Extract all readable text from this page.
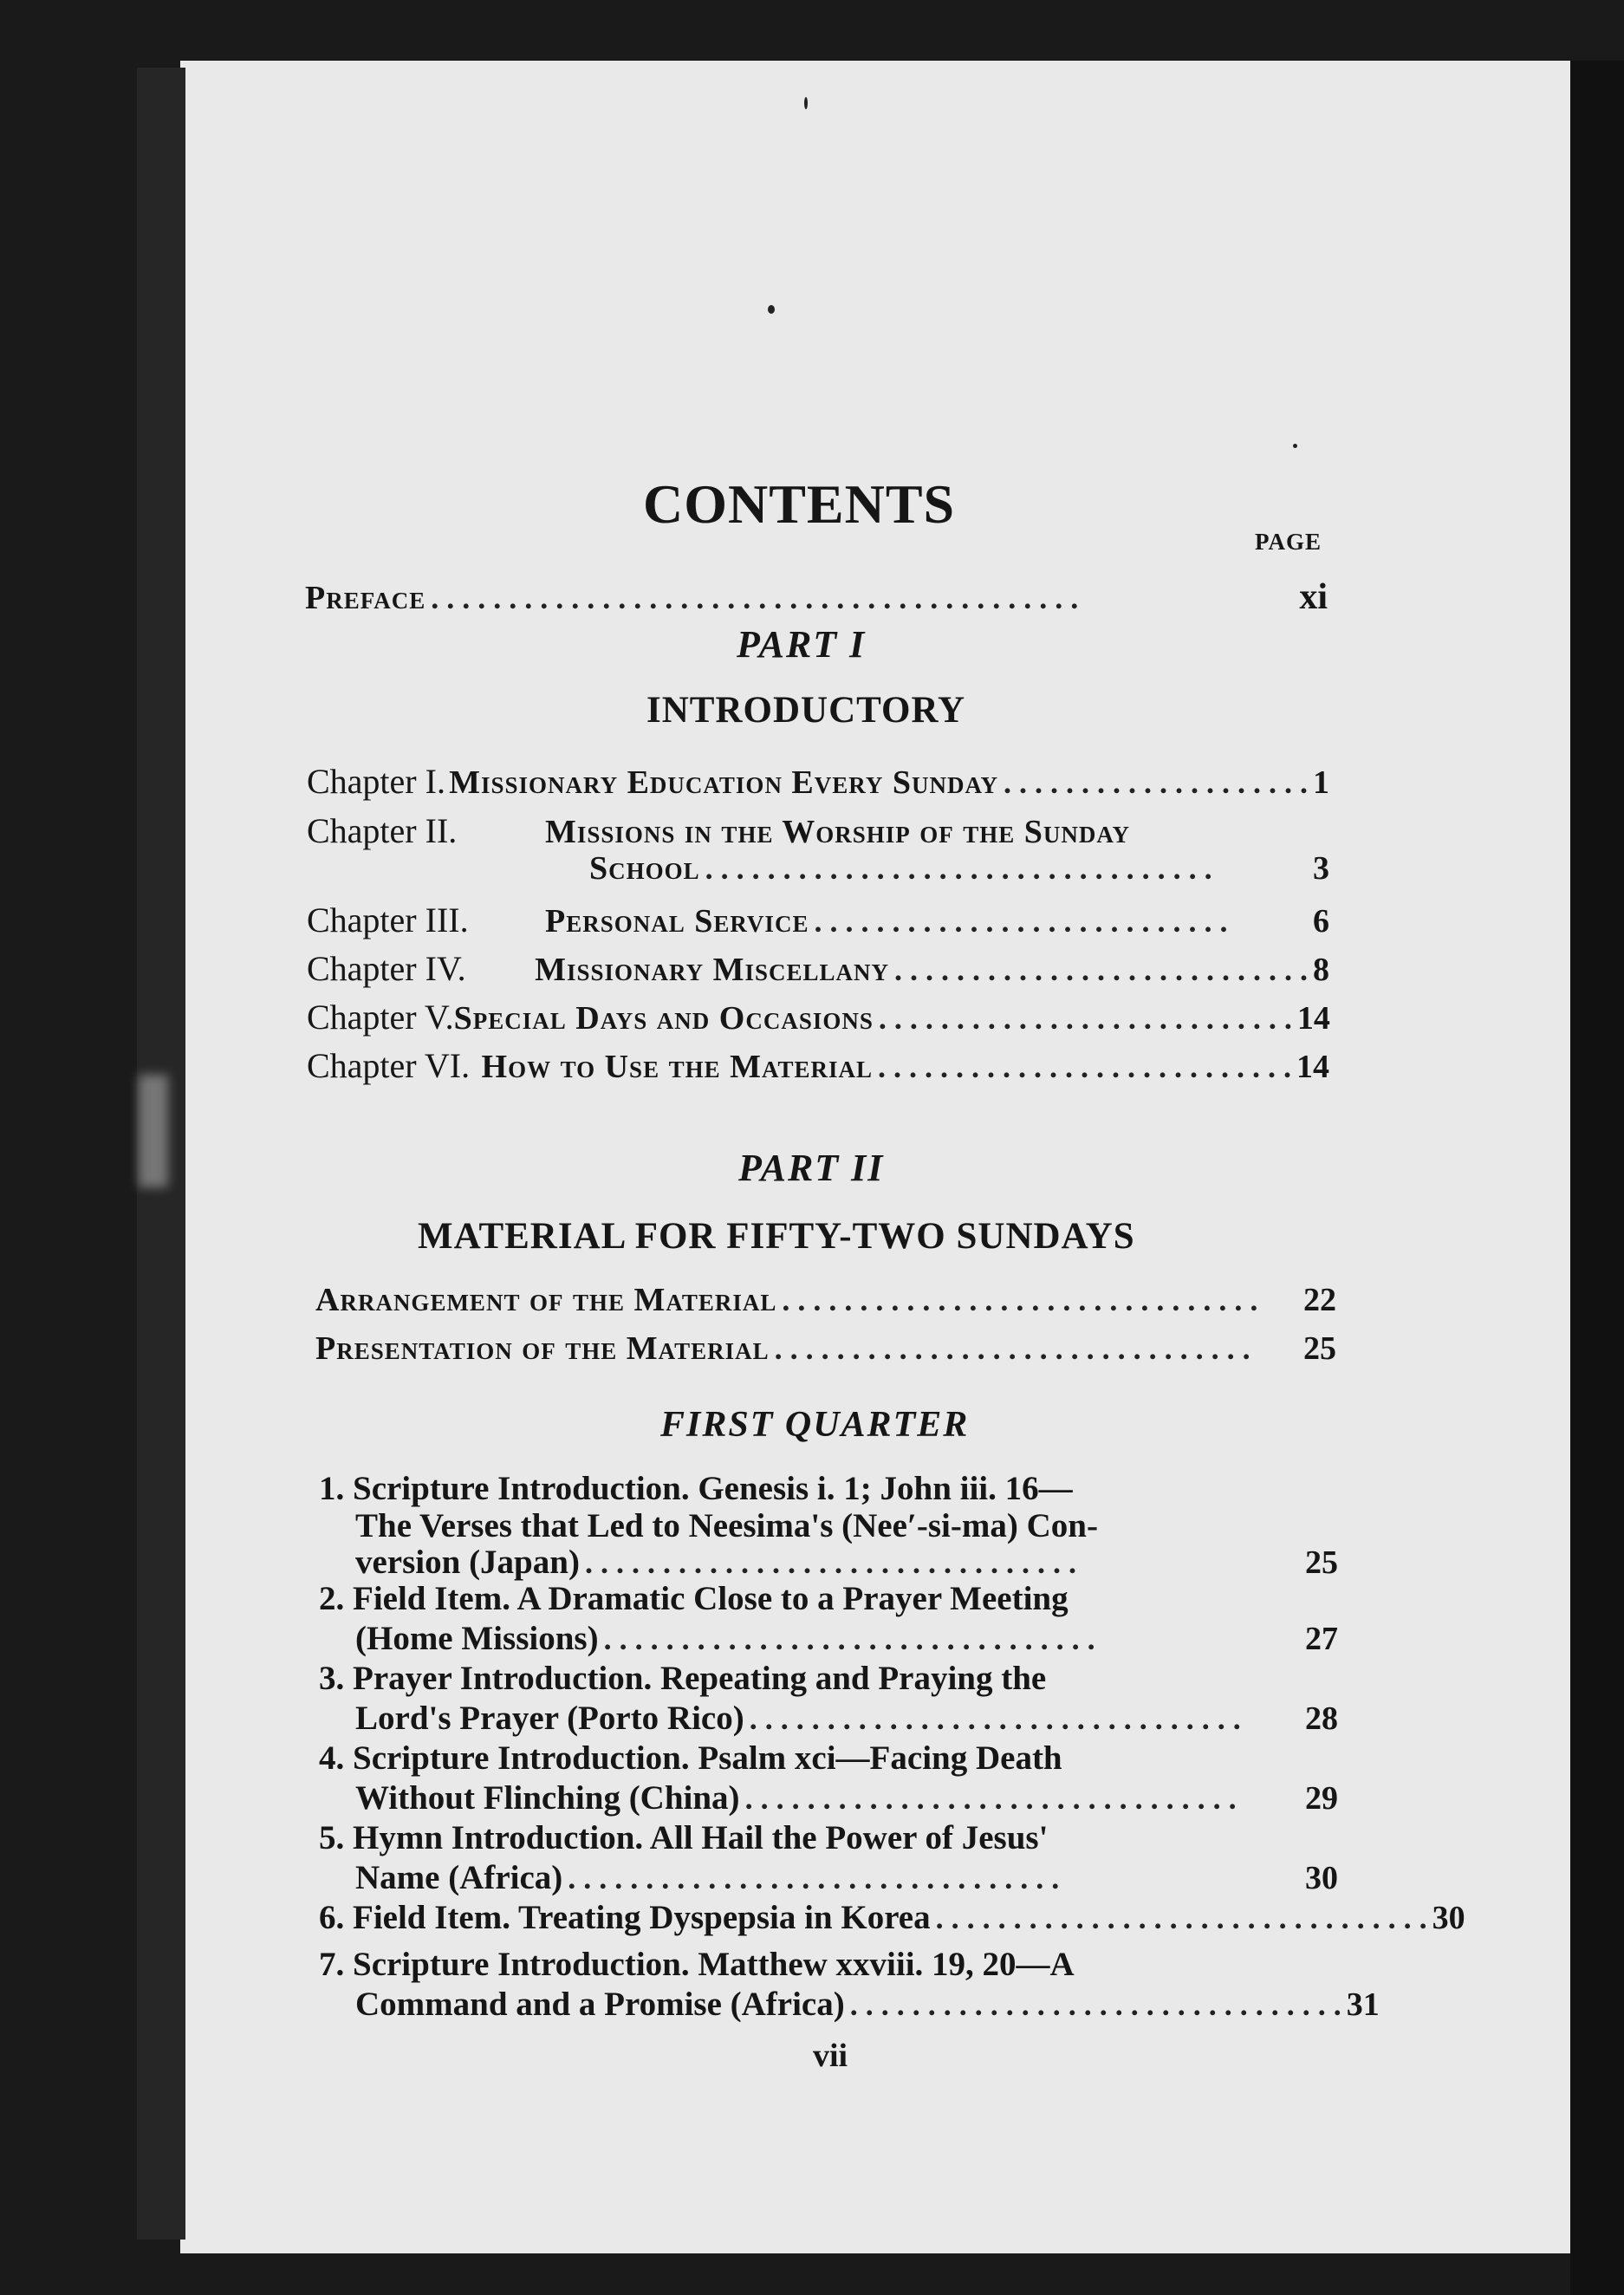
CONTENTS
PAGE
Preface . . . . . . . . . . . . . . . . . . . . . . . . . . . . . . . . . . . . . . . . . .	xi
PART I
INTRODUCTORY
Chapter I. Missionary Education Every Sunday . . . . . . . . . . . . . . . . . . . . 1
Chapter II.	Missions in the Worship of the Sunday
School . . . . . . . . . . . . . . . . . . . . . . . . . . . . . . . . .	3
Chapter III.	Personal Service . . . . . . . . . . . . . . . . . . . . . . . . . . .	6
Chapter IV.	Missionary Miscellany . . . . . . . . . . . . . . . . . . . . . . . . . . . 8
Chapter V. Special Days and Occasions . . . . . . . . . . . . . . . . . . . . . . . . . . . 14
Chapter VI. How to Use the Material . . . . . . . . . . . . . . . . . . . . . . . . . . . 14
PART II
MATERIAL FOR FIFTY-TWO SUNDAYS
Arrangement of the Material . . . . . . . . . . . . . . . . . . . . . . . . . . . . . . .	22
Presentation of the Material . . . . . . . . . . . . . . . . . . . . . . . . . . . . . . .	25
FIRST QUARTER
1. Scripture Introduction. Genesis i. 1; John iii. 16—
The Verses that Led to Neesima's (Nee′-si-ma) Con-
version (Japan) . . . . . . . . . . . . . . . . . . . . . . . . . . . . . . . .	25
2. Field Item. A Dramatic Close to a Prayer Meeting
(Home Missions) . . . . . . . . . . . . . . . . . . . . . . . . . . . . . . . .	27
3. Prayer Introduction. Repeating and Praying the
Lord's Prayer (Porto Rico) . . . . . . . . . . . . . . . . . . . . . . . . . . . . . . . .	28
4. Scripture Introduction. Psalm xci—Facing Death
Without Flinching (China) . . . . . . . . . . . . . . . . . . . . . . . . . . . . . . . .	29
5. Hymn Introduction. All Hail the Power of Jesus'
Name (Africa) . . . . . . . . . . . . . . . . . . . . . . . . . . . . . . . .	30
6. Field Item. Treating Dyspepsia in Korea . . . . . . . . . . . . . . . . . . . . . . . . . . . . . . . . 30
7. Scripture Introduction. Matthew xxviii. 19, 20—A
Command and a Promise (Africa) . . . . . . . . . . . . . . . . . . . . . . . . . . . . . . . . 31
vii
